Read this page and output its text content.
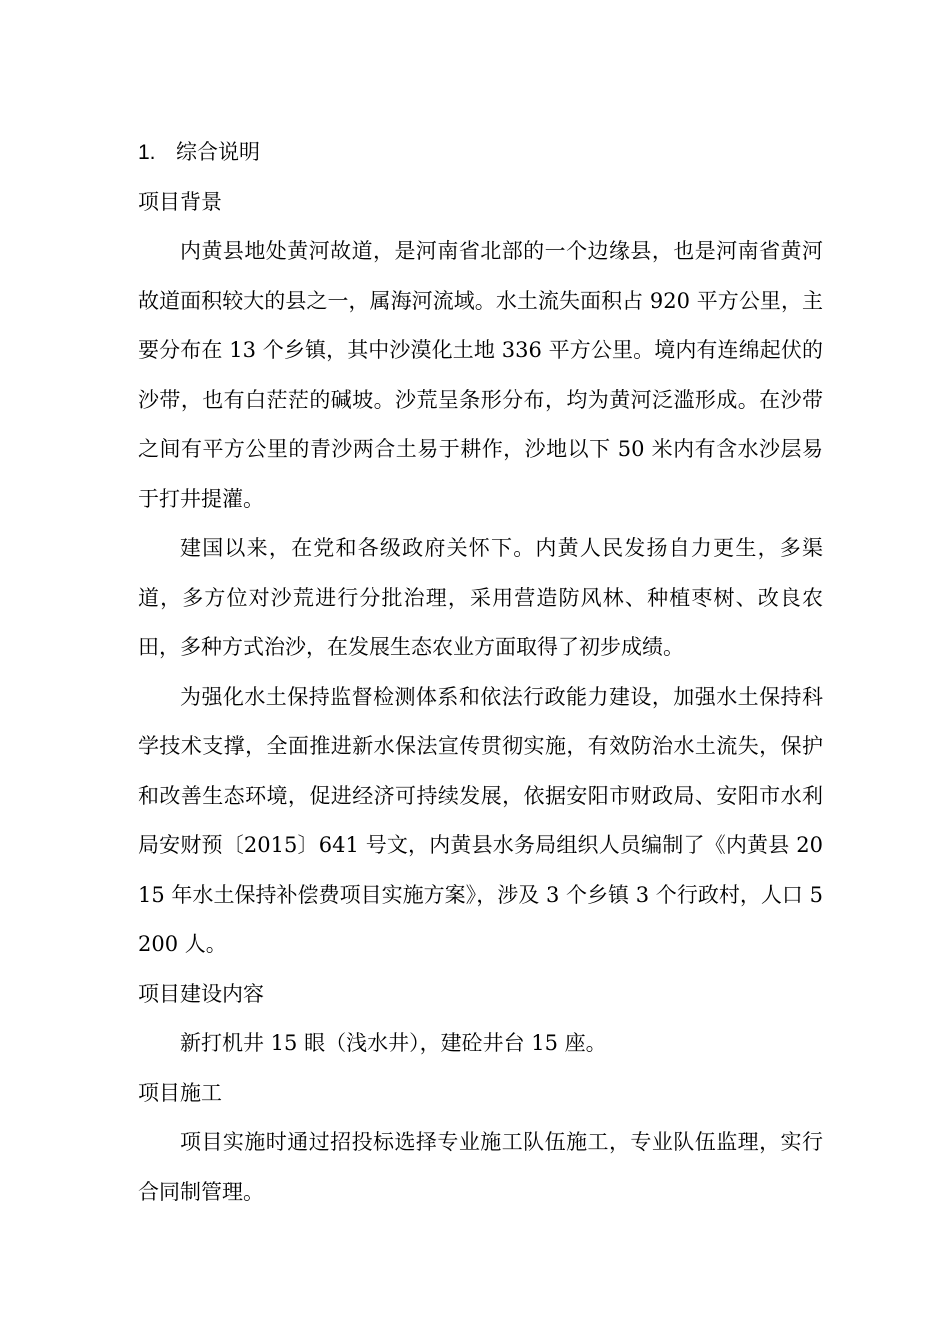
1. 综合说明
项目背景

内黄县地处黄河故道，是河南省北部的一个边缘县，也是河南省黄河故道面积较大的县之一，属海河流域。水土流失面积占 920 平方公里，主要分布在 13 个乡镇，其中沙漠化土地 336 平方公里。境内有连绵起伏的沙带，也有白茫茫的碱坡。沙荒呈条形分布，均为黄河泛滥形成。在沙带之间有平方公里的青沙两合土易于耕作，沙地以下 50 米内有含水沙层易于打井提灌。

建国以来，在党和各级政府关怀下。内黄人民发扬自力更生，多渠道，多方位对沙荒进行分批治理，采用营造防风林、种植枣树、改良农田，多种方式治沙，在发展生态农业方面取得了初步成绩。

为强化水土保持监督检测体系和依法行政能力建设，加强水土保持科学技术支撑，全面推进新水保法宣传贯彻实施，有效防治水土流失，保护和改善生态环境，促进经济可持续发展，依据安阳市财政局、安阳市水利局安财预〔2015〕641 号文，内黄县水务局组织人员编制了《内黄县 2015 年水土保持补偿费项目实施方案》，涉及 3 个乡镇 3 个行政村，人口 5200 人。

项目建设内容

新打机井 15 眼（浅水井），建砼井台 15 座。

项目施工

项目实施时通过招投标选择专业施工队伍施工，专业队伍监理，实行合同制管理。
